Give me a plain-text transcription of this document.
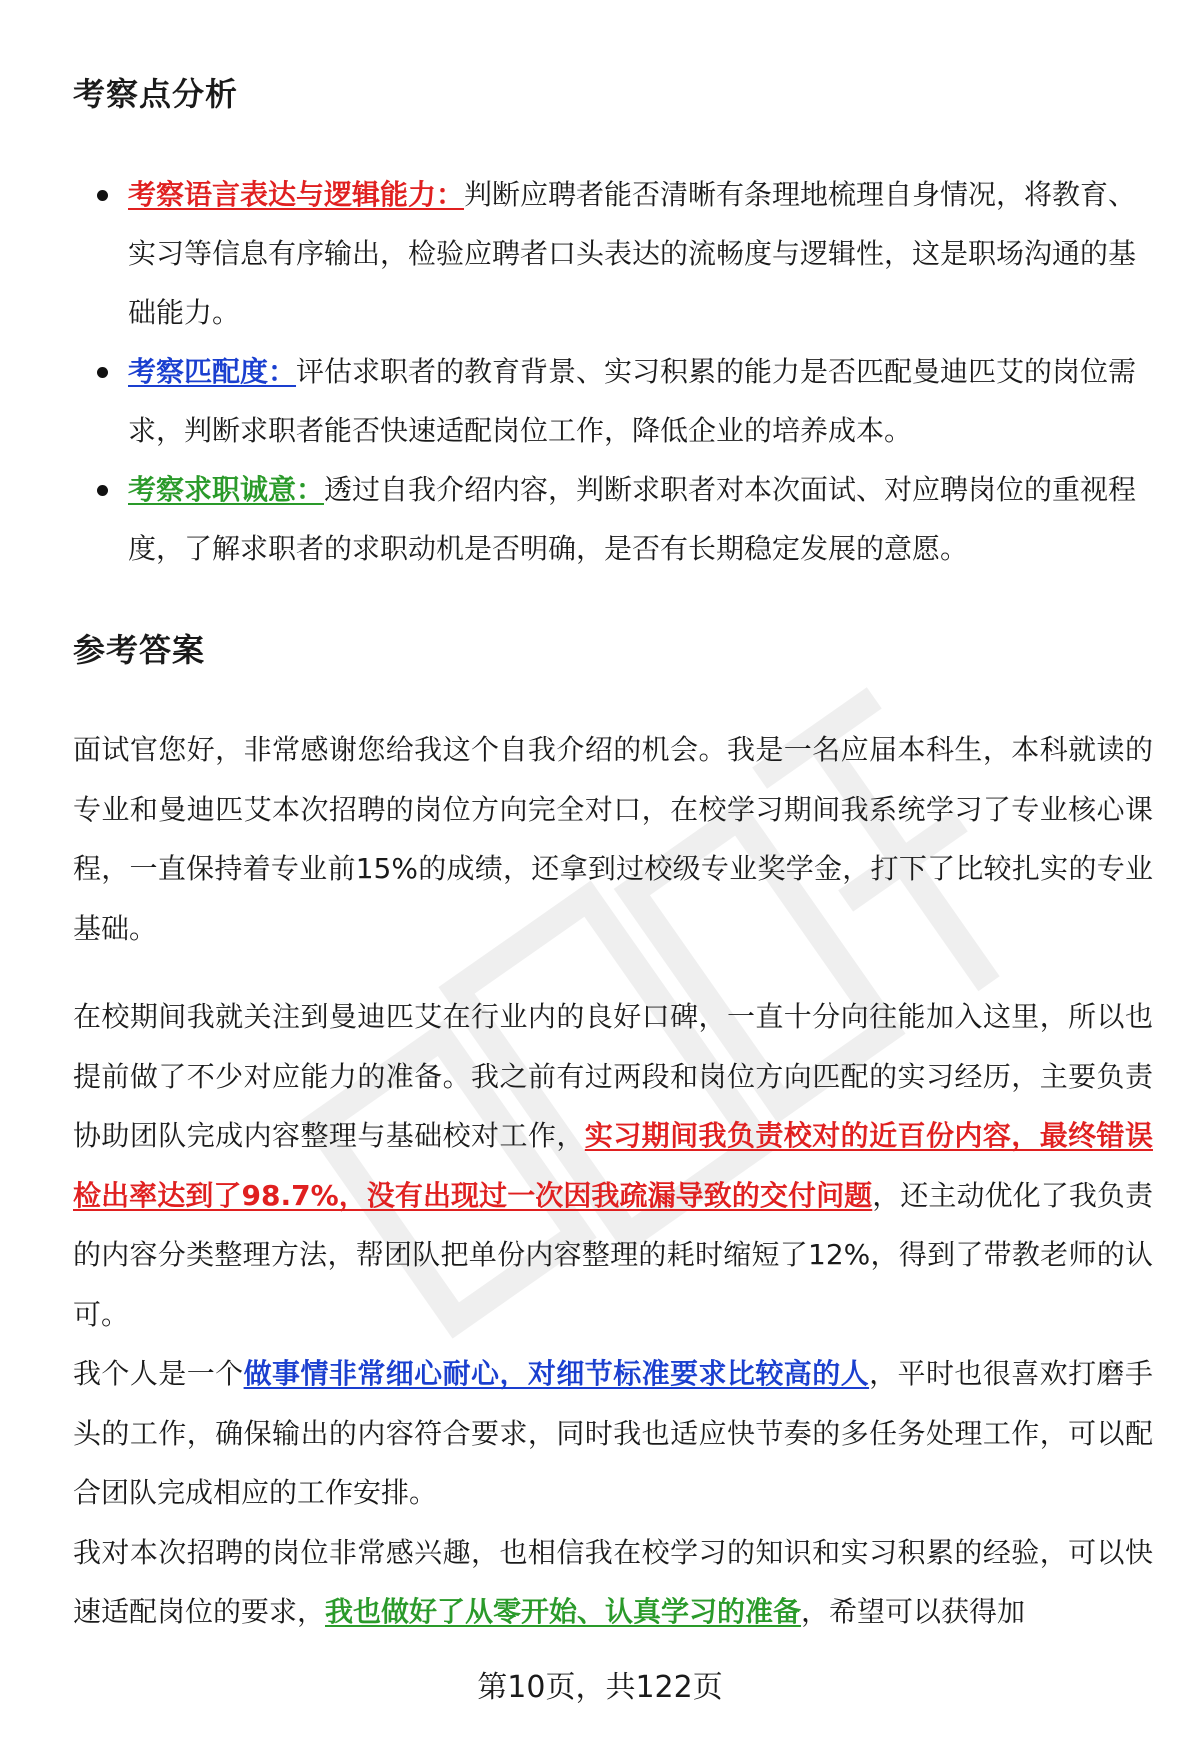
考察点分析
考察语言表达与逻辑能力：判断应聘者能否清晰有条理地梳理自身情况，将教育、实习等信息有序输出，检验应聘者口头表达的流畅度与逻辑性，这是职场沟通的基础能力。
考察匹配度：评估求职者的教育背景、实习积累的能力是否匹配曼迪匹艾的岗位需求，判断求职者能否快速适配岗位工作，降低企业的培养成本。
考察求职诚意：透过自我介绍内容，判断求职者对本次面试、对应聘岗位的重视程度，了解求职者的求职动机是否明确，是否有长期稳定发展的意愿。
参考答案

面试官您好，非常感谢您给我这个自我介绍的机会。我是一名应届本科生，本科就读的专业和曼迪匹艾本次招聘的岗位方向完全对口，在校学习期间我系统学习了专业核心课程，一直保持着专业前15%的成绩，还拿到过校级专业奖学金，打下了比较扎实的专业基础。

在校期间我就关注到曼迪匹艾在行业内的良好口碑，一直十分向往能加入这里，所以也提前做了不少对应能力的准备。我之前有过两段和岗位方向匹配的实习经历，主要负责协助团队完成内容整理与基础校对工作，实习期间我负责校对的近百份内容，最终错误检出率达到了98.7%，没有出现过一次因我疏漏导致的交付问题，还主动优化了我负责的内容分类整理方法，帮团队把单份内容整理的耗时缩短了12%，得到了带教老师的认可。

我个人是一个做事情非常细心耐心，对细节标准要求比较高的人，平时也很喜欢打磨手头的工作，确保输出的内容符合要求，同时我也适应快节奏的多任务处理工作，可以配合团队完成相应的工作安排。

我对本次招聘的岗位非常感兴趣，也相信我在校学习的知识和实习积累的经验，可以快速适配岗位的要求，我也做好了从零开始、认真学习的准备，希望可以获得加

第10页，共122页
